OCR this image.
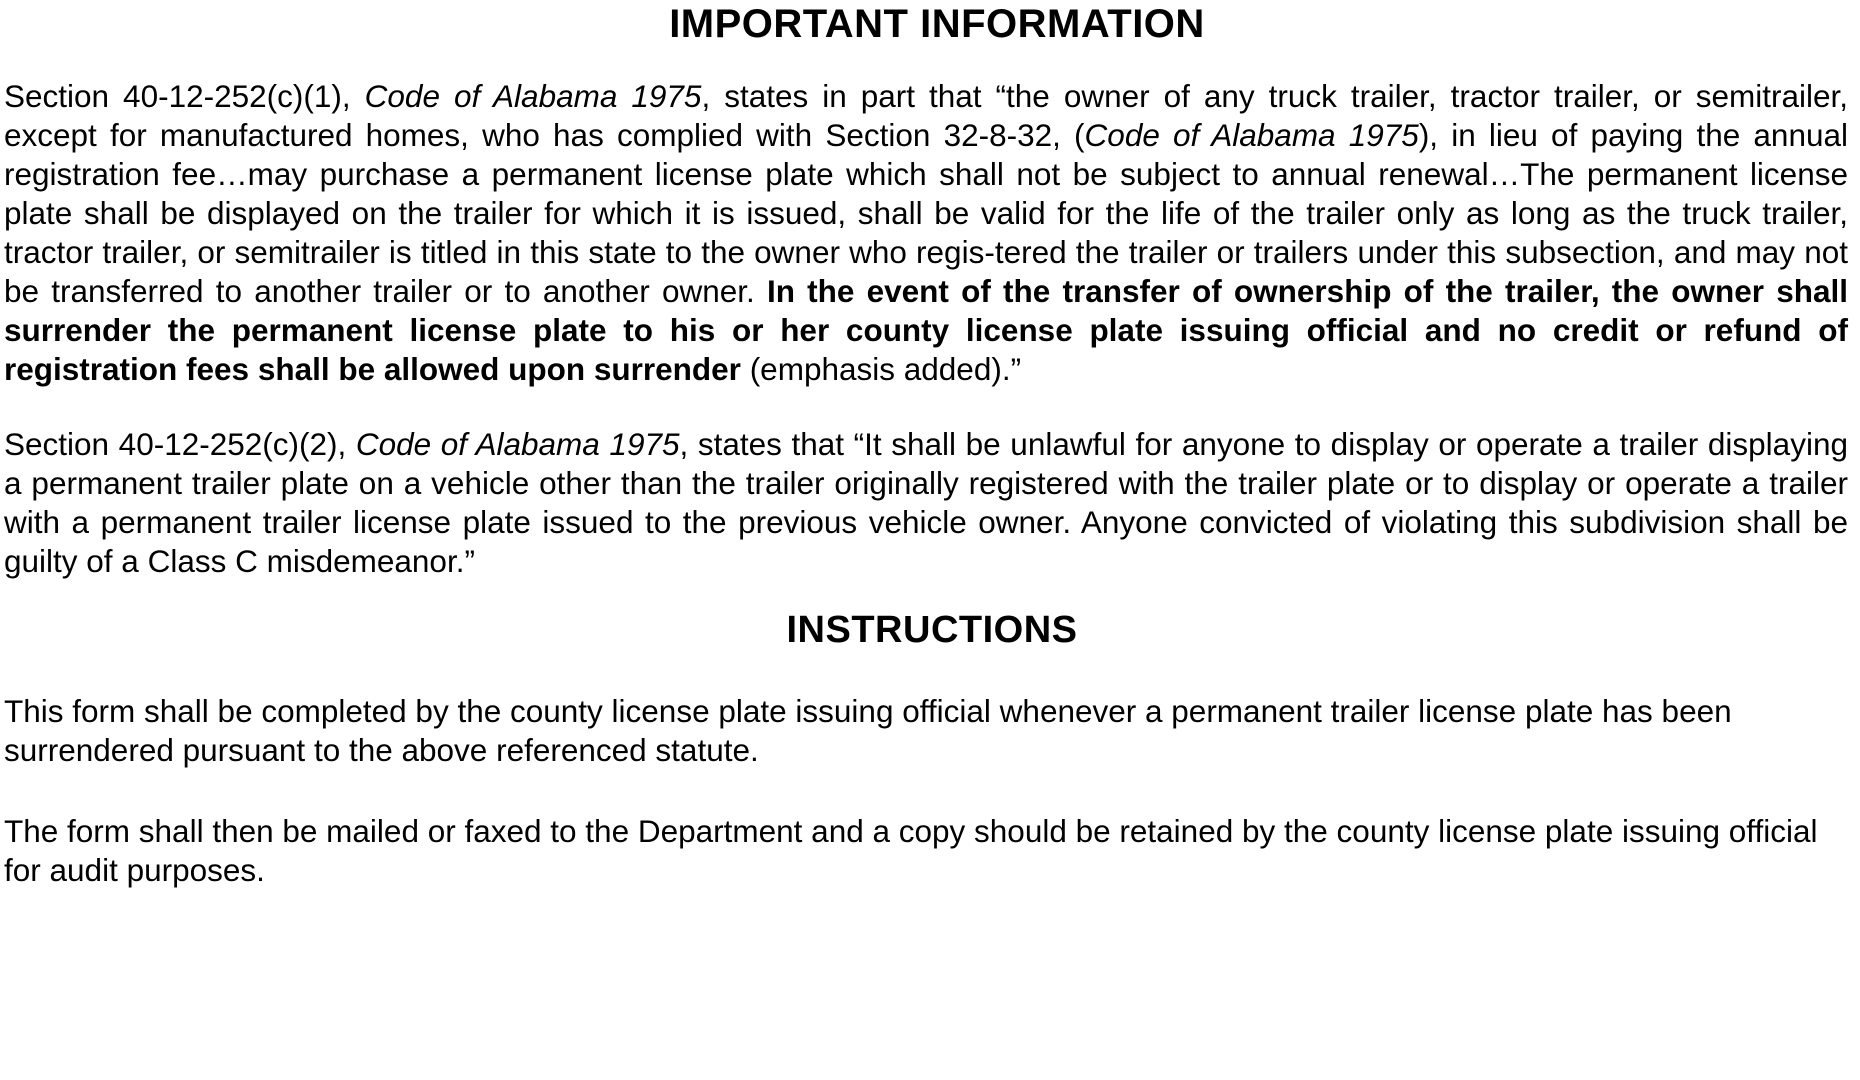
IMPORTANT INFORMATION

Section 40-12-252(c)(1), Code of Alabama 1975, states in part that “the owner of any truck trailer, tractor trailer, or semitrailer, except for manufactured homes, who has complied with Section 32-8-32, (Code of Alabama 1975), in lieu of paying the annual registration fee…may purchase a permanent license plate which shall not be subject to annual renewal…The permanent license plate shall be displayed on the trailer for which it is issued, shall be valid for the life of the trailer only as long as the truck trailer, tractor trailer, or semitrailer is titled in this state to the owner who regis-tered the trailer or trailers under this subsection, and may not be transferred to another trailer or to another owner. In the event of the transfer of ownership of the trailer, the owner shall surrender the permanent license plate to his or her county license plate issuing official and no credit or refund of registration fees shall be allowed upon surrender (emphasis added).”

Section 40-12-252(c)(2), Code of Alabama 1975, states that “It shall be unlawful for anyone to display or operate a trailer displaying a permanent trailer plate on a vehicle other than the trailer originally registered with the trailer plate or to display or operate a trailer with a permanent trailer license plate issued to the previous vehicle owner. Anyone convicted of violating this subdivision shall be guilty of a Class C misdemeanor.”

INSTRUCTIONS

This form shall be completed by the county license plate issuing official whenever a permanent trailer license plate has been surrendered pursuant to the above referenced statute.

The form shall then be mailed or faxed to the Department and a copy should be retained by the county license plate issuing official for audit purposes.
